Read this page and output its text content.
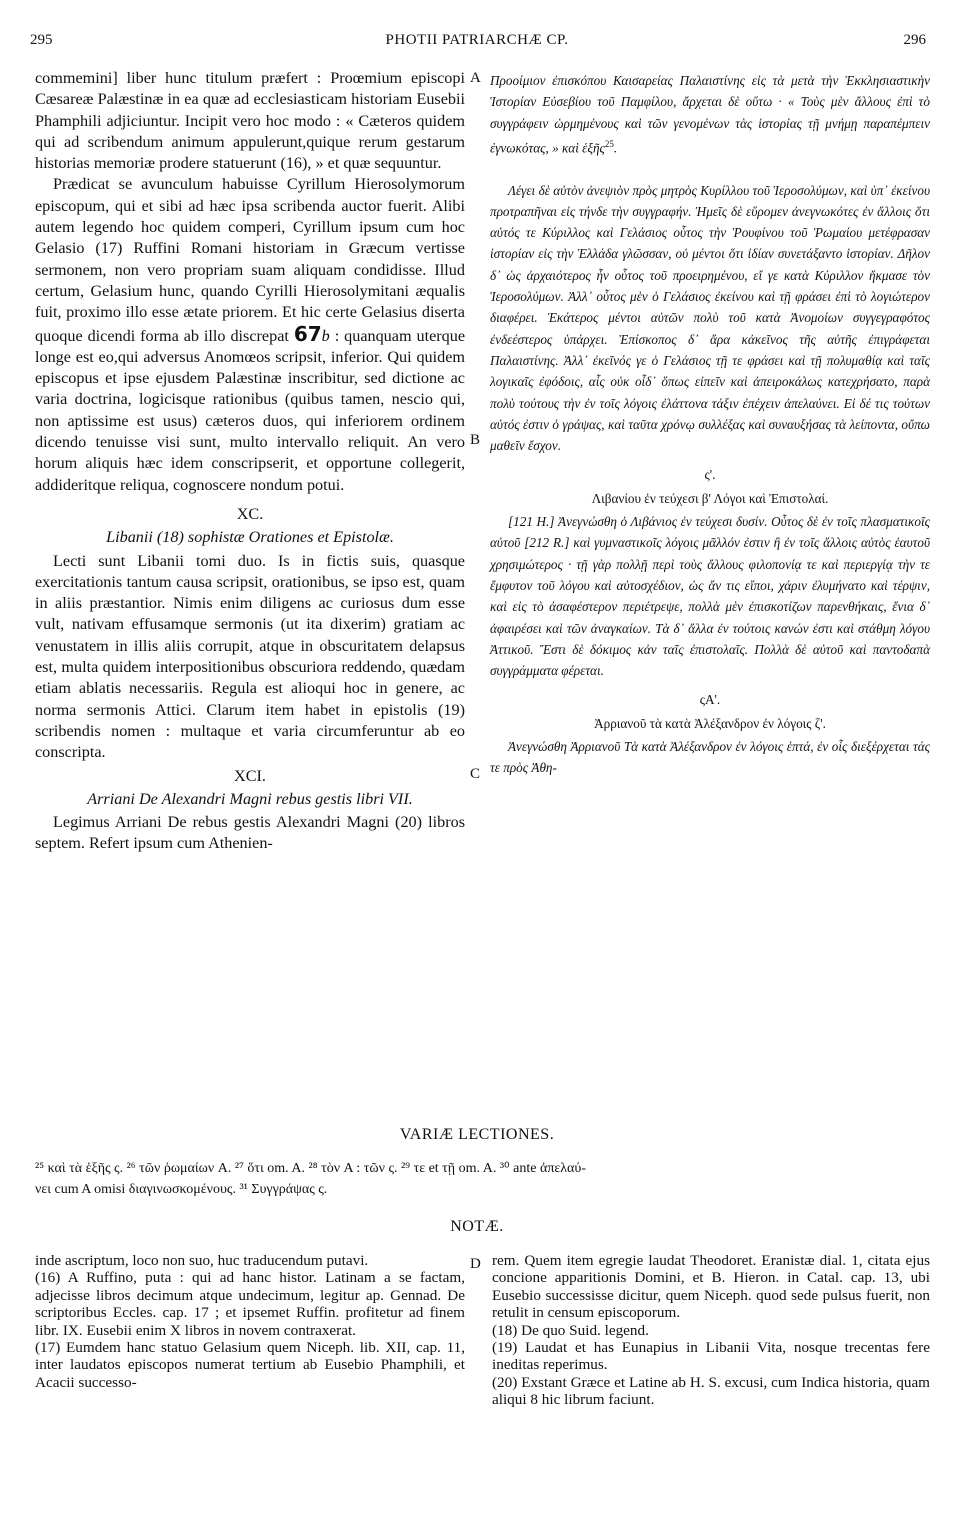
PHOTII PATRIARCHÆ CP.
295	296
A
B
C
D

commemini] liber hunc titulum præfert : Proœmium episcopi Cæsareæ Palæstinæ in ea quæ ad ecclesiasticam historiam Eusebii Phamphili adjiciuntur. Incipit vero hoc modo : « Cæteros quidem qui ad scribendum animum appulerunt,quique rerum gestarum historias memoriæ prodere statuerunt (16), » et quæ sequuntur.

Prædicat se avunculum habuisse Cyrillum Hierosolymorum episcopum, qui et sibi ad hæc ipsa scribenda auctor fuerit. Alibi autem legendo hoc quidem comperi, Cyrillum ipsum cum hoc Gelasio (17) Ruffini Romani historiam in Græcum vertisse sermonem, non vero propriam suam aliquam condidisse. Illud certum, Gelasium hunc, quando Cyrilli Hierosolymitani æqualis fuit, proximo illo esse ætate priorem. Et hic certe Gelasius diserta quoque dicendi forma ab illo discrepat 67b : quanquam uterque longe est eo,qui adversus Anomœos scripsit, inferior. Qui quidem episcopus et ipse ejusdem Palæstinæ inscribitur, sed dictione ac varia doctrina, logicisque rationibus (quibus tamen, nescio qui, non aptissime est usus) cæteros duos, qui inferiorem ordinem dicendo tenuisse visi sunt, multo intervallo reliquit. An vero horum aliquis hæc idem conscripserit, et opportune collegerit, addideritque reliqua, cognoscere nondum potui.

XC.
Libanii (18) sophistæ Orationes et Epistolæ.

Lecti sunt Libanii tomi duo. Is in fictis suis, quasque exercitationis tantum causa scripsit, orationibus, se ipso est, quam in aliis præstantior. Nimis enim diligens ac curiosus dum esse vult, nativam effusamque sermonis (ut ita dixerim) gratiam ac venustatem in illis aliis corrupit, atque in obscuritatem delapsus est, multa quidem interpositionibus obscuriora reddendo, quædam etiam ablatis necessariis. Regula est alioqui hoc in genere, ac norma sermonis Attici. Clarum item habet in epistolis (19) scribendis nomen : multaque et varia circumferuntur ab eo conscripta.

XCI.
Arriani De Alexandri Magni rebus gestis libri VII.

Legimus Arriani De rebus gestis Alexandri Magni (20) libros septem. Refert ipsum cum Athenien-

Προοίμιον ἐπισκόπου Καισαρείας Παλαιστίνης εἰς τὰ μετὰ τὴν Ἐκκλησιαστικὴν Ἱστορίαν Εὐσεβίου τοῦ Παμφίλου, ἄρχεται δὲ οὕτω · « Τοὺς μὲν ἄλλους ἐπὶ τὸ συγγράφειν ὡρμημένους καὶ τῶν γενομένων τὰς ἱστορίας τῇ μνήμῃ παραπέμπειν ἐγνωκότας, » καὶ ἑξῆς$^{25}$.

Λέγει δὲ αὐτὸν ἀνεψιὸν πρὸς μητρὸς Κυρίλλου τοῦ Ἱεροσολύμων, καὶ ὑπ᾽ ἐκείνου προτραπῆναι εἰς τήνδε τὴν συγγραφήν. Ἡμεῖς δὲ εὕρομεν ἀνεγνωκότες ἐν ἄλλοις ὅτι αὐτός τε Κύριλλος καὶ Γελάσιος οὗτος τὴν Ῥουφίνου τοῦ Ῥωμαίου μετέφρασαν ἱστορίαν εἰς τὴν Ἑλλάδα γλῶσσαν, οὐ μέντοι ὅτι ἰδίαν συνετάξαντο ἱστορίαν. Δῆλον δ᾽ ὡς ἀρχαιότερος ἦν οὗτος τοῦ προειρημένου, εἴ γε κατὰ Κύριλλον ἤκμασε τὸν Ἱεροσολύμων. Ἀλλ᾽ οὗτος μὲν ὁ Γελάσιος ἐκείνου καὶ τῇ φράσει ἐπὶ τὸ λογιώτερον διαφέρει. Ἑκάτερος μέντοι αὐτῶν πολὺ τοῦ κατὰ Ἀνομοίων συγγεγραφότος ἐνδεέστερος ὑπάρχει. Ἐπίσκοπος δ᾽ ἄρα κἀκεῖνος τῆς αὐτῆς ἐπιγράφεται Παλαιστίνης. Ἀλλ᾽ ἐκεῖνός γε ὁ Γελάσιος τῇ τε φράσει καὶ τῇ πολυμαθίᾳ καὶ ταῖς λογικαῖς ἐφόδοις, αἷς οὐκ οἶδ᾽ ὅπως εἰπεῖν καὶ ἀπειροκάλως κατεχρήσατο, παρὰ πολὺ τούτους τὴν ἐν τοῖς λόγοις ἐλάττονα τάξιν ἐπέχειν ἀπελαύνει. Εἰ δέ τις τούτων αὐτός ἐστιν ὁ γράψας, καὶ ταῦτα χρόνῳ συλλέξας καὶ συναυξήσας τὰ λείποντα, οὔπω μαθεῖν ἔσχον.

ς'.
Λιβανίου ἐν τεύχεσι β' Λόγοι καὶ Ἐπιστολαί.

[121 H.] Ἀνεγνώσθη ὁ Λιβάνιος ἐν τεύχεσι δυσίν. Οὗτος δὲ ἐν τοῖς πλασματικοῖς αὐτοῦ [212 R.] καὶ γυμναστικοῖς λόγοις μᾶλλόν ἐστιν ἢ ἐν τοῖς ἄλλοις αὐτὸς ἑαυτοῦ χρησιμώτερος · τῇ γὰρ πολλῇ περὶ τοὺς ἄλλους φιλοπονίᾳ τε καὶ περιεργίᾳ τὴν τε ἔμφυτον τοῦ λόγου καὶ αὐτοσχέδιον, ὡς ἄν τις εἴποι, χάριν ἐλυμήνατο καὶ τέρψιν, καὶ εἰς τὸ ἀσαφέστερον περιέτρεψε, πολλὰ μὲν ἐπισκοτίζων παρενθήκαις, ἔνια δ᾽ ἀφαιρέσει καὶ τῶν ἀναγκαίων. Τὰ δ᾽ ἄλλα ἐν τούτοις κανών ἐστι καὶ στάθμη λόγου Ἀττικοῦ. Ἔστι δὲ δόκιμος κἀν ταῖς ἐπιστολαῖς. Πολλὰ δὲ αὐτοῦ καὶ παντοδαπὰ συγγράμματα φέρεται.

ςΑ'.
Ἀρριανοῦ τὰ κατὰ Ἀλέξανδρον ἐν λόγοις ζ'.

Ἀνεγνώσθη Ἀρριανοῦ Τὰ κατὰ Ἀλέξανδρον ἐν λόγοις ἑπτά, ἐν οἷς διεξέρχεται τάς τε πρὸς Ἀθη-

VARIÆ LECTIONES.
²⁵ καὶ τὰ ἑξῆς ς. ²⁶ τῶν ῥωμαίων A. ²⁷ ὅτι om. A. ²⁸ τὸν A : τῶν ς. ²⁹ τε et τῇ om. A. ³⁰ ante ἀπελαύ-
νει cum A omisi διαγινωσκομένους. ³¹ Συγγράψας ς.
NOTÆ.

inde ascriptum, loco non suo, huc traducendum putavi.

(16) A Ruffino, puta : qui ad hanc histor. Latinam a se factam, adjecisse libros decimum atque undecimum, legitur ap. Gennad. De scriptoribus Eccles. cap. 17 ; et ipsemet Ruffin. profitetur ad finem libr. IX. Eusebii enim X libros in novem contraxerat.

(17) Eumdem hanc statuo Gelasium quem Niceph. lib. XII, cap. 11, inter laudatos episcopos numerat tertium ab Eusebio Phamphili, et Acacii successo-

rem. Quem item egregie laudat Theodoret. Eranistæ dial. 1, citata ejus concione apparitionis Domini, et B. Hieron. in Catal. cap. 13, ubi Eusebio successisse dicitur, quem Niceph. quod sede pulsus fuerit, non retulit in censum episcoporum.

(18) De quo Suid. legend.

(19) Laudat et has Eunapius in Libanii Vita, nosque trecentas fere ineditas reperimus.

(20) Exstant Græce et Latine ab H. S. excusi, cum Indica historia, quam aliqui 8 hic librum faciunt.
